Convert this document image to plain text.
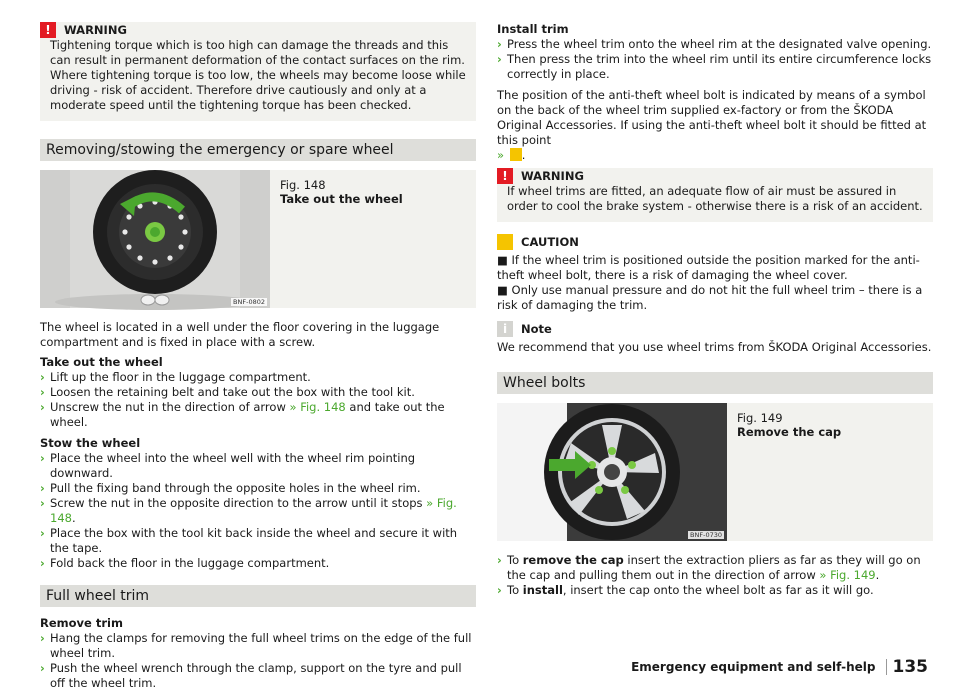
!	WARNING
Tightening torque which is too high can damage the threads and this can result in permanent deformation of the contact surfaces on the rim. Where tightening torque is too low, the wheels may become loose while driving - risk of accident. Therefore drive cautiously and only at a moderate speed until the tightening torque has been checked.
Removing/stowing the emergency or spare wheel
BNF-0802
Fig. 148
Take out the wheel

The wheel is located in a well under the floor covering in the luggage compartment and is fixed in place with a screw.

Take out the wheel
› Lift up the floor in the luggage compartment.
› Loosen the retaining belt and take out the box with the tool kit.
› Unscrew the nut in the direction of arrow » Fig. 148 and take out the wheel.
Stow the wheel
› Place the wheel into the wheel well with the wheel rim pointing downward.
› Pull the fixing band through the opposite holes in the wheel rim.
› Screw the nut in the opposite direction to the arrow until it stops » Fig. 148.
› Place the box with the tool kit back inside the wheel and secure it with the tape.
› Fold back the floor in the luggage compartment.
Full wheel trim
Remove trim
› Hang the clamps for removing the full wheel trims on the edge of the full wheel trim.
› Push the wheel wrench through the clamp, support on the tyre and pull off the wheel trim.
Install trim
› Press the wheel trim onto the wheel rim at the designated valve opening.
› Then press the trim into the wheel rim until its entire circumference locks correctly in place.

The position of the anti-theft wheel bolt is indicated by means of a symbol on the back of the wheel trim supplied ex-factory or from the ŠKODA Original Accessories. If using the anti-theft wheel bolt it should be fitted at this point
» .

!	WARNING
If wheel trims are fitted, an adequate flow of air must be assured in order to cool the brake system - otherwise there is a risk of an accident.
CAUTION

■ If the wheel trim is positioned outside the position marked for the anti-theft wheel bolt, there is a risk of damaging the wheel cover.

■ Only use manual pressure and do not hit the full wheel trim – there is a risk of damaging the trim.

i	Note

We recommend that you use wheel trims from ŠKODA Original Accessories.

Wheel bolts
BNF-0730
Fig. 149
Remove the cap
› To remove the cap insert the extraction pliers as far as they will go on the cap and pulling them out in the direction of arrow » Fig. 149.
› To install, insert the cap onto the wheel bolt as far as it will go.
Emergency equipment and self-help 135
